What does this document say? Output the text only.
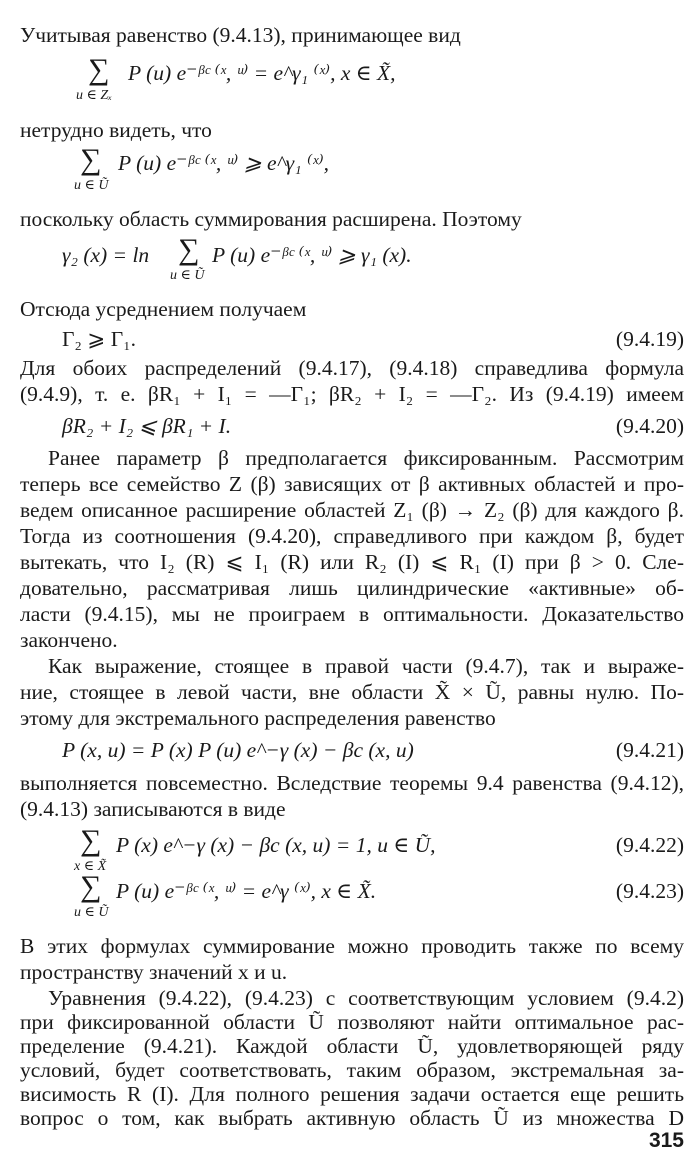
Учитывая равенство (9.4.13), принимающее вид
∑ P (u) e⁻ᵝᶜ ⁽ˣ, ᵘ⁾ = e^γ₁ ⁽ˣ⁾, x ∈ X̃,
u ∈ Zₓ
нетрудно видеть, что
∑ P (u) e⁻ᵝᶜ ⁽ˣ, ᵘ⁾ ⩾ e^γ₁ ⁽ˣ⁾,
u ∈ Ũ
поскольку область суммирования расширена. Поэтому
γ₂ (x) = ln ∑ P (u) e⁻ᵝᶜ ⁽ˣ, ᵘ⁾ ⩾ γ₁ (x).
u ∈ Ũ
Отсюда усреднением получаем
Γ₂ ⩾ Γ₁.	(9.4.19)
Для обоих распределений (9.4.17), (9.4.18) справедлива формула
(9.4.9), т. е. βR₁ + I₁ = —Γ₁; βR₂ + I₂ = —Γ₂. Из (9.4.19) имеем
βR₂ + I₂ ⩽ βR₁ + I.	(9.4.20)
Ранее параметр β предполагается фиксированным. Рассмотрим
теперь все семейство Z (β) зависящих от β активных областей и про-
ведем описанное расширение областей Z₁ (β) → Z₂ (β) для каждого β.
Тогда из соотношения (9.4.20), справедливого при каждом β, будет
вытекать, что I₂ (R) ⩽ I₁ (R) или R₂ (I) ⩽ R₁ (I) при β > 0. Сле-
довательно, рассматривая лишь цилиндрические «активные» об-
ласти (9.4.15), мы не проиграем в оптимальности. Доказательство
закончено.
Как выражение, стоящее в правой части (9.4.7), так и выраже-
ние, стоящее в левой части, вне области X̃ × Ũ, равны нулю. По-
этому для экстремального распределения равенство
P (x, u) = P (x) P (u) e^−γ (x) − βc (x, u)	(9.4.21)
выполняется повсеместно. Вследствие теоремы 9.4 равенства (9.4.12),
(9.4.13) записываются в виде
∑ P (x) e^−γ (x) − βc (x, u) = 1, u ∈ Ũ,
x ∈ X̃
(9.4.22)
∑ P (u) e⁻ᵝᶜ ⁽ˣ, ᵘ⁾ = e^γ ⁽ˣ⁾, x ∈ X̃.
u ∈ Ũ
(9.4.23)
В этих формулах суммирование можно проводить также по всему
пространству значений x и u.
Уравнения (9.4.22), (9.4.23) с соответствующим условием (9.4.2)
при фиксированной области Ũ позволяют найти оптимальное рас-
пределение (9.4.21). Каждой области Ũ, удовлетворяющей ряду
условий, будет соответствовать, таким образом, экстремальная за-
висимость R (I). Для полного решения задачи остается еще решить
вопрос о том, как выбрать активную область Ũ из множества D
315
